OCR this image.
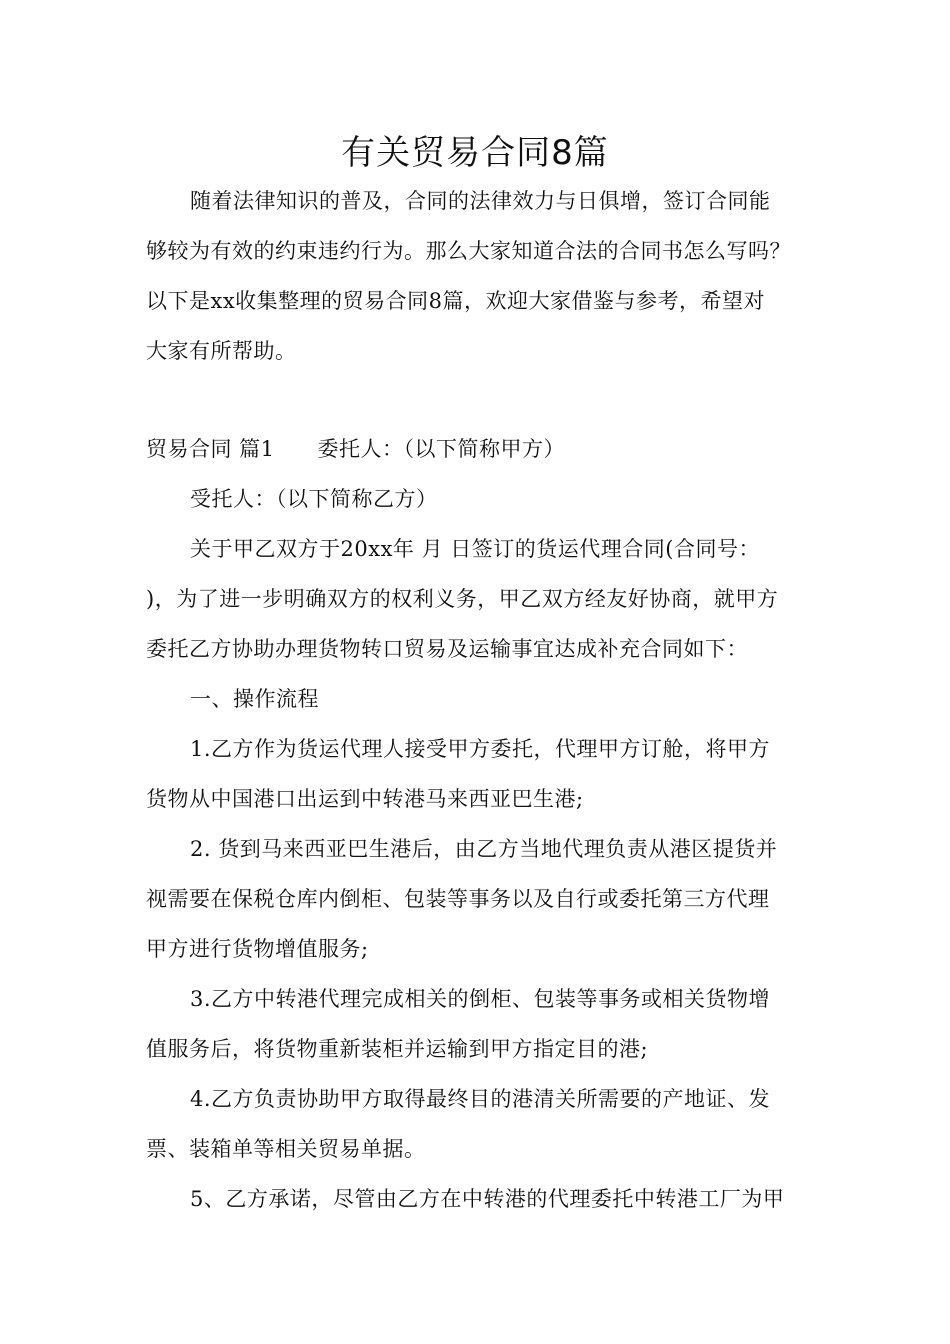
有关贸易合同8篇
随着法律知识的普及，合同的法律效力与日俱增，签订合同能
够较为有效的约束违约行为。那么大家知道合法的合同书怎么写吗？
以下是xx收集整理的贸易合同8篇，欢迎大家借鉴与参考，希望对
大家有所帮助。
贸易合同 篇1　　委托人：（以下简称甲方）
受托人：（以下简称乙方）
关于甲乙双方于20xx年 月 日签订的货运代理合同(合同号：
)，为了进一步明确双方的权利义务，甲乙双方经友好协商，就甲方
委托乙方协助办理货物转口贸易及运输事宜达成补充合同如下：
一、操作流程
1.乙方作为货运代理人接受甲方委托，代理甲方订舱，将甲方
货物从中国港口出运到中转港马来西亚巴生港;
2. 货到马来西亚巴生港后，由乙方当地代理负责从港区提货并
视需要在保税仓库内倒柜、包装等事务以及自行或委托第三方代理
甲方进行货物增值服务;
3.乙方中转港代理完成相关的倒柜、包装等事务或相关货物增
值服务后，将货物重新装柜并运输到甲方指定目的港;
4.乙方负责协助甲方取得最终目的港清关所需要的产地证、发
票、装箱单等相关贸易单据。
5、乙方承诺，尽管由乙方在中转港的代理委托中转港工厂为甲
